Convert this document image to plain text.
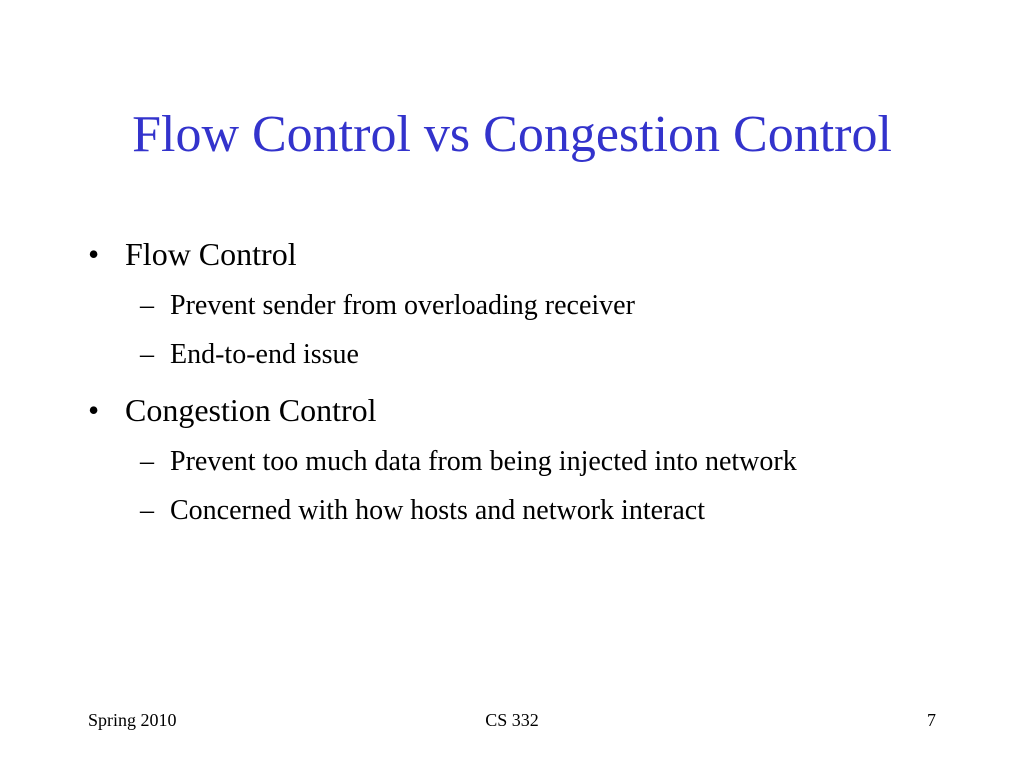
Flow Control vs Congestion Control
• Flow Control
– Prevent sender from overloading receiver
– End-to-end issue
• Congestion Control
– Prevent too much data from being injected into network
– Concerned with how hosts and network interact
Spring 2010	CS 332	7
